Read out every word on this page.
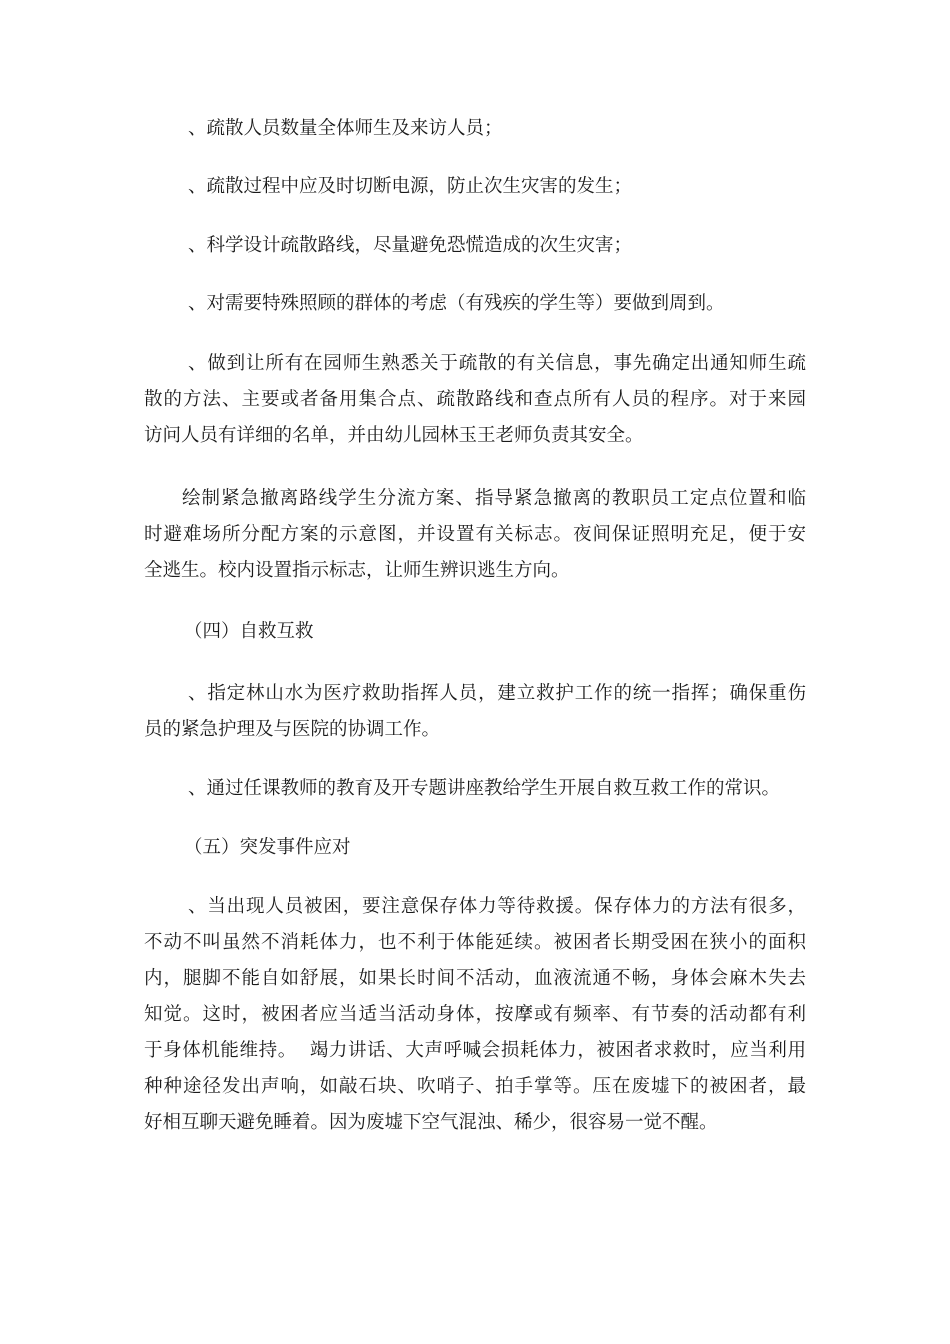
、疏散人员数量全体师生及来访人员；

、疏散过程中应及时切断电源，防止次生灾害的发生；

、科学设计疏散路线，尽量避免恐慌造成的次生灾害；

、对需要特殊照顾的群体的考虑（有残疾的学生等）要做到周到。

、做到让所有在园师生熟悉关于疏散的有关信息，事先确定出通知师生疏
散的方法、主要或者备用集合点、疏散路线和查点所有人员的程序。对于来园
访问人员有详细的名单，并由幼儿园林玉王老师负责其安全。

绘制紧急撤离路线学生分流方案、指导紧急撤离的教职员工定点位置和临
时避难场所分配方案的示意图，并设置有关标志。夜间保证照明充足，便于安
全逃生。校内设置指示标志，让师生辨识逃生方向。

（四）自救互救

、指定林山水为医疗救助指挥人员，建立救护工作的统一指挥；确保重伤
员的紧急护理及与医院的协调工作。

、通过任课教师的教育及开专题讲座教给学生开展自救互救工作的常识。

（五）突发事件应对

、当出现人员被困，要注意保存体力等待救援。保存体力的方法有很多，
不动不叫虽然不消耗体力，也不利于体能延续。被困者长期受困在狭小的面积
内，腿脚不能自如舒展，如果长时间不活动，血液流通不畅，身体会麻木失去
知觉。这时，被困者应当适当活动身体，按摩或有频率、有节奏的活动都有利
于身体机能维持。  竭力讲话、大声呼喊会损耗体力，被困者求救时，应当利用
种种途径发出声响，如敲石块、吹哨子、拍手掌等。压在废墟下的被困者，最
好相互聊天避免睡着。因为废墟下空气混浊、稀少，很容易一觉不醒。
